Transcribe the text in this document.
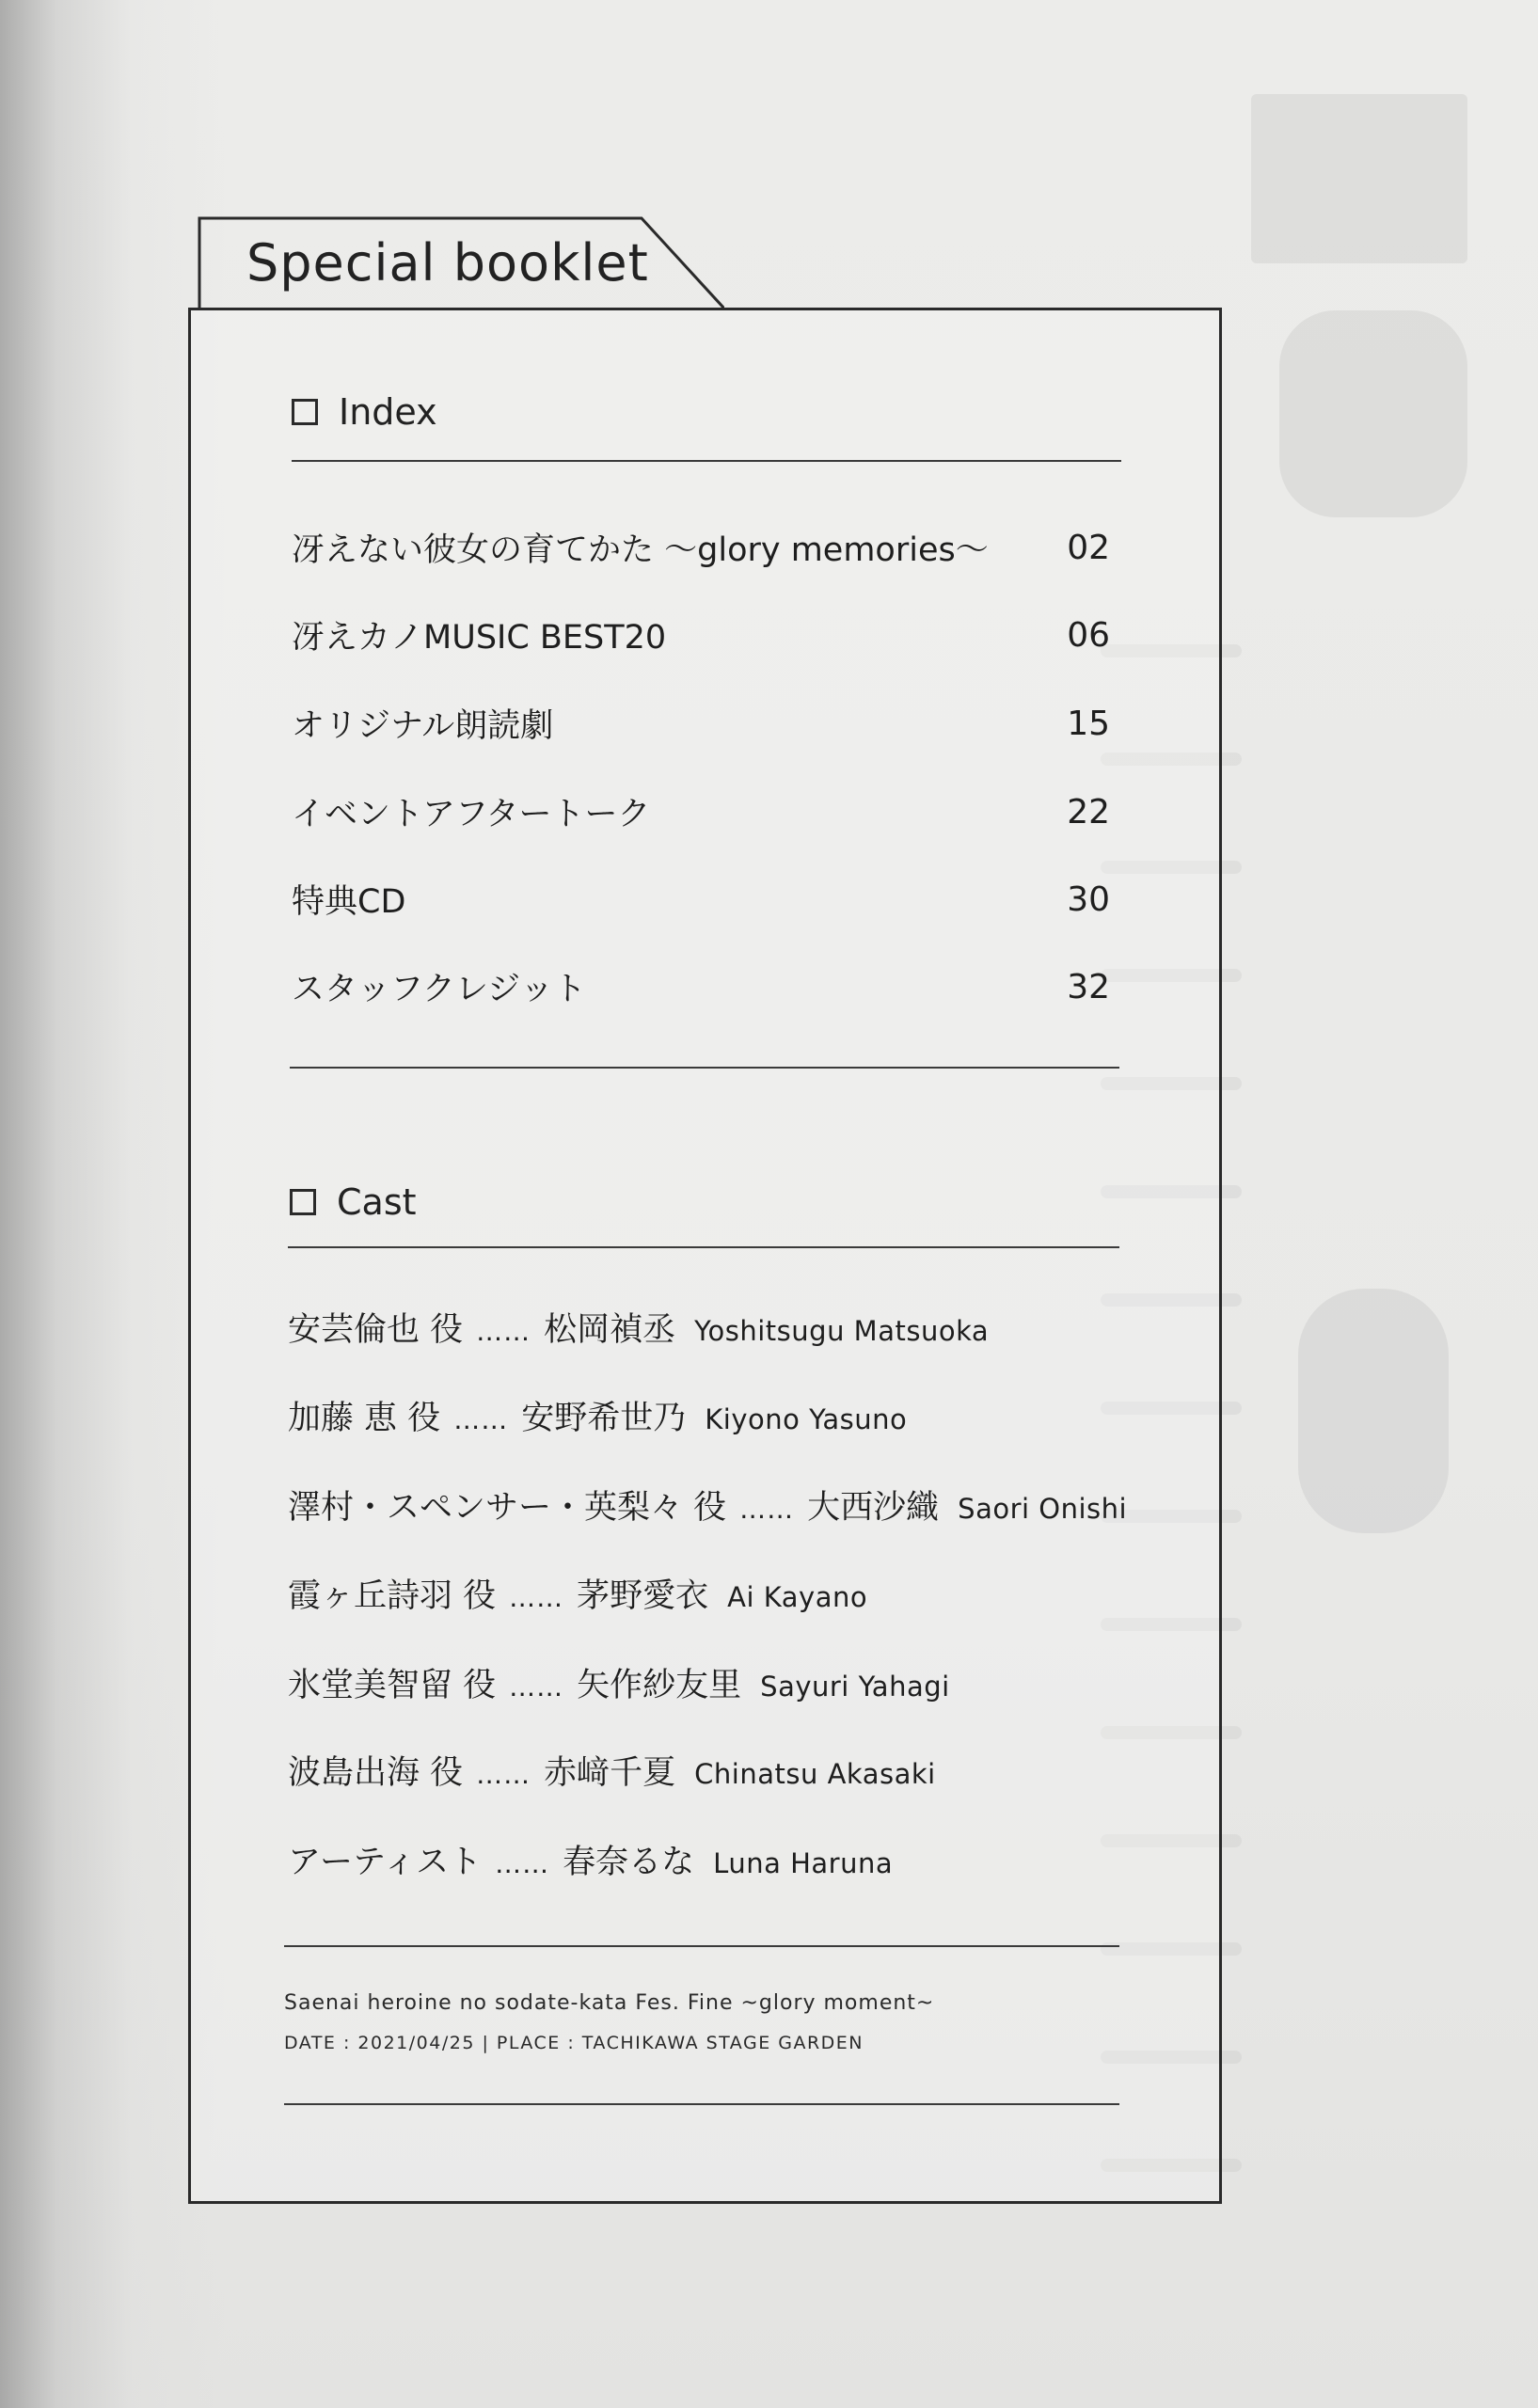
Special booklet
Index
冴えない彼女の育てかた ～glory memories～	02
冴えカノMUSIC BEST20	06
オリジナル朗読劇	15
イベントアフタートーク	22
特典CD	30
スタッフクレジット	32
Cast
安芸倫也 役 …… 松岡禎丞 Yoshitsugu Matsuoka
加藤 恵 役 …… 安野希世乃 Kiyono Yasuno
澤村・スペンサー・英梨々 役 …… 大西沙織 Saori Onishi
霞ヶ丘詩羽 役 …… 茅野愛衣 Ai Kayano
氷堂美智留 役 …… 矢作紗友里 Sayuri Yahagi
波島出海 役 …… 赤﨑千夏 Chinatsu Akasaki
アーティスト …… 春奈るな Luna Haruna
Saenai heroine no sodate-kata Fes. Fine ~glory moment~
DATE : 2021/04/25 | PLACE : TACHIKAWA STAGE GARDEN
